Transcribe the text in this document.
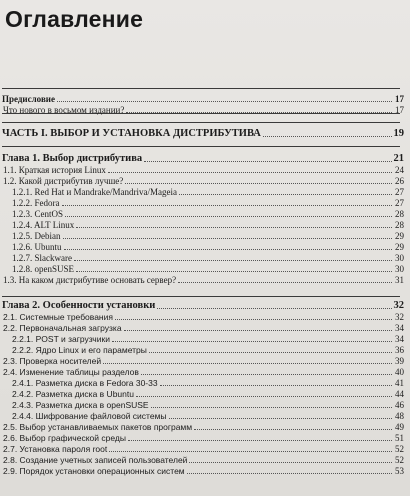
Оглавление
Предисловие	17
Что нового в восьмом издании?	17
ЧАСТЬ I. ВЫБОР И УСТАНОВКА ДИСТРИБУТИВА	19
Глава 1. Выбор дистрибутива	21
1.1. Краткая история Linux	24
1.2. Какой дистрибутив лучше?	26
1.2.1. Red Hat и Mandrake/Mandriva/Mageia	27
1.2.2. Fedora	27
1.2.3. CentOS	28
1.2.4. ALT Linux	28
1.2.5. Debian	29
1.2.6. Ubuntu	29
1.2.7. Slackware	30
1.2.8. openSUSE	30
1.3. На каком дистрибутиве основать сервер?	31
Глава 2. Особенности установки	32
2.1. Системные требования	32
2.2. Первоначальная загрузка	34
2.2.1. POST и загрузчики	34
2.2.2. Ядро Linux и его параметры	36
2.3. Проверка носителей	39
2.4. Изменение таблицы разделов	40
2.4.1. Разметка диска в Fedora 30-33	41
2.4.2. Разметка диска в Ubuntu	44
2.4.3. Разметка диска в openSUSE	46
2.4.4. Шифрование файловой системы	48
2.5. Выбор устанавливаемых пакетов программ	49
2.6. Выбор графической среды	51
2.7. Установка пароля root	52
2.8. Создание учетных записей пользователей	52
2.9. Порядок установки операционных систем	53
